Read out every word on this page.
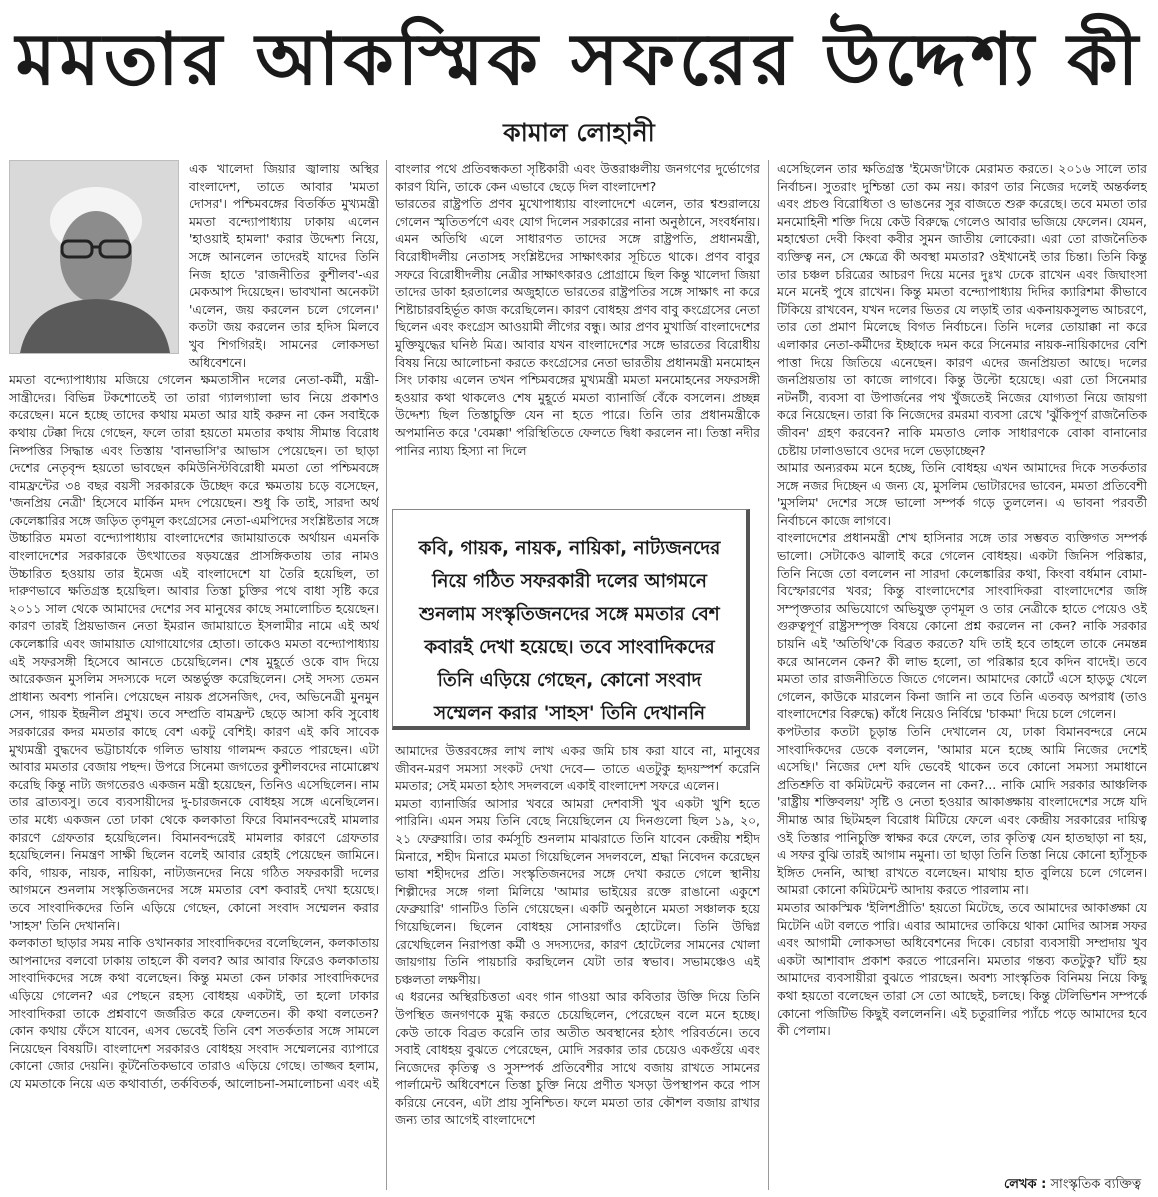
মমতার আকস্মিক সফরের উদ্দেশ্য কী
কামাল লোহানী

এক খালেদা জিয়ার জ্বালায় অস্থির বাংলাদেশ, তাতে আবার 'মমতা দোসর'। পশ্চিমবঙ্গের বিতর্কিত মুখ্যমন্ত্রী মমতা বন্দ্যোপাধ্যায় ঢাকায় এলেন 'হাওয়াই হামলা' করার উদ্দেশ্য নিয়ে, সঙ্গে আনলেন তাদেরই যাদের তিনি নিজ হাতে 'রাজনীতির কুশীলব'-এর মেকআপ দিয়েছেন। ভাবখানা অনেকটা 'এলেন, জয় করলেন চলে গেলেন।' কতটা জয় করলেন তার হদিস মিলবে খুব শিগগিরই। সামনের লোকসভা অধিবেশনে।

মমতা বন্দ্যোপাধ্যায় মজিয়ে গেলেন ক্ষমতাসীন দলের নেতা-কর্মী, মন্ত্রী-সান্ত্রীদের। বিভিন্ন টকশোতেই তা তারা গ্যালগ্যালা ভাব নিয়ে প্রকাশও করেছেন। মনে হচ্ছে তাদের কথায় মমতা আর যাই করুন না কেন সবাইকে কথায় টেক্কা দিয়ে গেছেন, ফলে তারা হয়তো মমতার কথায় সীমান্ত বিরোধ নিষ্পত্তির সিদ্ধান্ত এবং তিস্তায় 'বানভাসি'র আভাস পেয়েছেন। তা ছাড়া দেশের নেতৃবৃন্দ হয়তো ভাবছেন কমিউনিস্টবিরোধী মমতা তো পশ্চিমবঙ্গে বামফ্রন্টের ৩৪ বছর বয়সী সরকারকে উচ্ছেদ করে ক্ষমতায় চড়ে বসেছেন, 'জনপ্রিয় নেত্রী' হিসেবে মার্কিন মদদ পেয়েছেন। শুধু কি তাই, সারদা অর্থ কেলেঙ্কারির সঙ্গে জড়িত তৃণমূল কংগ্রেসের নেতা-এমপিদের সংশ্লিষ্টতার সঙ্গে উচ্চারিত মমতা বন্দ্যোপাধ্যায় বাংলাদেশের জামায়াতকে অর্থায়ন এমনকি বাংলাদেশের সরকারকে উৎখাতের ষড়যন্ত্রের প্রাসঙ্গিকতায় তার নামও উচ্চারিত হওয়ায় তার ইমেজ এই বাংলাদেশে যা তৈরি হয়েছিল, তা দারুণভাবে ক্ষতিগ্রস্ত হয়েছিল। আবার তিস্তা চুক্তির পথে বাধা সৃষ্টি করে ২০১১ সাল থেকে আমাদের দেশের সব মানুষের কাছে সমালোচিত হয়েছেন। কারণ তারই প্রিয়ভাজন নেতা ইমরান জামায়াতে ইসলামীর নামে এই অর্থ কেলেঙ্কারি এবং জামায়াত যোগাযোগের হোতা। তাকেও মমতা বন্দ্যোপাধ্যায় এই সফরসঙ্গী হিসেবে আনতে চেয়েছিলেন। শেষ মুহূর্তে ওকে বাদ দিয়ে আরেকজন মুসলিম সদস্যকে দলে অন্তর্ভুক্ত করেছিলেন। সেই সদস্য তেমন প্রাধান্য অবশ্য পাননি। পেয়েছেন নায়ক প্রসেনজিৎ, দেব, অভিনেত্রী মুনমুন সেন, গায়ক ইন্দ্রনীল প্রমুখ। তবে সম্প্রতি বামফ্রন্ট ছেড়ে আসা কবি সুবোধ সরকারের কদর মমতার কাছে বেশ একটু বেশিই। কারণ এই কবি সাবেক মুখ্যমন্ত্রী বুদ্ধদেব ভট্টাচার্যকে গলিত ভাষায় গালমন্দ করতে পারছেন। এটা আবার মমতার বেজায় পছন্দ। উপরে সিনেমা জগতের কুশীলবদের নামোল্লেখ করেছি কিন্তু নাট্য জগতেরও একজন মন্ত্রী হয়েছেন, তিনিও এসেছিলেন। নাম তার ব্রাত্যবসু। তবে ব্যবসায়ীদের দু-চারজনকে বোধহয় সঙ্গে এনেছিলেন। তার মধ্যে একজন তো ঢাকা থেকে কলকাতা ফিরে বিমানবন্দরেই মামলার কারণে গ্রেফতার হয়েছিলেন। বিমানবন্দরেই মামলার কারণে গ্রেফতার হয়েছিলেন। নিমন্ত্রণ সাক্ষী ছিলেন বলেই আবার রেহাই পেয়েছেন জামিনে। কবি, গায়ক, নায়ক, নায়িকা, নাট্যজনদের নিয়ে গঠিত সফরকারী দলের আগমনে শুনলাম সংস্কৃতিজনদের সঙ্গে মমতার বেশ কবারই দেখা হয়েছে। তবে সাংবাদিকদের তিনি এড়িয়ে গেছেন, কোনো সংবাদ সম্মেলন করার 'সাহস' তিনি দেখাননি।

কলকাতা ছাড়ার সময় নাকি ওখানকার সাংবাদিকদের বলেছিলেন, কলকাতায় আপনাদের বলবো ঢাকায় তাহলে কী বলব? আর আবার ফিরেও কলকাতায় সাংবাদিকদের সঙ্গে কথা বলেছেন। কিন্তু মমতা কেন ঢাকার সাংবাদিকদের এড়িয়ে গেলেন? এর পেছনে রহস্য বোধহয় একটাই, তা হলো ঢাকার সাংবাদিকরা তাকে প্রশ্নবাণে জর্জরিত করে ফেলতেন। কী কথা বলতেন? কোন কথায় ফেঁসে যাবেন, এসব ভেবেই তিনি বেশ সতর্কতার সঙ্গে সামলে নিয়েছেন বিষয়টি। বাংলাদেশ সরকারও বোধহয় সংবাদ সম্মেলনের ব্যাপারে কোনো জোর দেয়নি। কূটনৈতিকভাবে তারাও এড়িয়ে গেছে। তাজ্জব হলাম, যে মমতাকে নিয়ে এত কথাবার্তা, তর্কবিতর্ক, আলোচনা-সমালোচনা এবং এই

বাংলার পথে প্রতিবন্ধকতা সৃষ্টিকারী এবং উত্তরাঞ্চলীয় জনগণের দুর্ভোগের কারণ যিনি, তাকে কেন এভাবে ছেড়ে দিল বাংলাদেশ?

ভারতের রাষ্ট্রপতি প্রণব মুখোপাধ্যায় বাংলাদেশে এলেন, তার শ্বশুরালয়ে গেলেন স্মৃতিতর্পণে এবং যোগ দিলেন সরকারের নানা অনুষ্ঠানে, সংবর্ধনায়। এমন অতিথি এলে সাধারণত তাদের সঙ্গে রাষ্ট্রপতি, প্রধানমন্ত্রী, বিরোধীদলীয় নেতাসহ সংশ্লিষ্টদের সাক্ষাৎকার সূচিতে থাকে। প্রণব বাবুর সফরে বিরোধীদলীয় নেত্রীর সাক্ষাৎকারও প্রোগ্রামে ছিল কিন্তু খালেদা জিয়া তাদের ডাকা হরতালের অজুহাতে ভারতের রাষ্ট্রপতির সঙ্গে সাক্ষাৎ না করে শিষ্টাচারবহির্ভূত কাজ করেছিলেন। কারণ বোধহয় প্রণব বাবু কংগ্রেসের নেতা ছিলেন এবং কংগ্রেস আওয়ামী লীগের বন্ধু। আর প্রণব মুখার্জি বাংলাদেশের মুক্তিযুদ্ধের ঘনিষ্ঠ মিত্র। আবার যখন বাংলাদেশের সঙ্গে ভারতের বিরোধীয় বিষয় নিয়ে আলোচনা করতে কংগ্রেসের নেতা ভারতীয় প্রধানমন্ত্রী মনমোহন সিং ঢাকায় এলেন তখন পশ্চিমবঙ্গের মুখ্যমন্ত্রী মমতা মনমোহনের সফরসঙ্গী হওয়ার কথা থাকলেও শেষ মুহূর্তে মমতা ব্যানার্জি বেঁকে বসলেন। প্রচ্ছন্ন উদ্দেশ্য ছিল তিস্তাচুক্তি যেন না হতে পারে। তিনি তার প্রধানমন্ত্রীকে অপমানিত করে 'বেমক্কা' পরিস্থিতিতে ফেলতে দ্বিধা করলেন না। তিস্তা নদীর পানির ন্যায্য হিস্যা না দিলে

আমাদের উত্তরবঙ্গের লাখ লাখ একর জমি চাষ করা যাবে না, মানুষের জীবন-মরণ সমস্যা সংকট দেখা দেবে— তাতে এতটুকু হৃদয়স্পর্শ করেনি মমতার; সেই মমতা হঠাৎ সদলবলে একাই বাংলাদেশ সফরে এলেন।

মমতা ব্যানার্জির আসার খবরে আমরা দেশবাসী খুব একটা খুশি হতে পারিনি। এমন সময় তিনি বেছে নিয়েছিলেন যে দিনগুলো ছিল ১৯, ২০, ২১ ফেব্রুয়ারি। তার কর্মসূচি শুনলাম মাঝরাতে তিনি যাবেন কেন্দ্রীয় শহীদ মিনারে, শহীদ মিনারে মমতা গিয়েছিলেন সদলবলে, শ্রদ্ধা নিবেদন করেছেন ভাষা শহীদদের প্রতি। সংস্কৃতিজনদের সঙ্গে দেখা করতে গেলে স্থানীয় শিল্পীদের সঙ্গে গলা মিলিয়ে 'আমার ভাইয়ের রক্তে রাঙানো একুশে ফেব্রুয়ারি' গানটিও তিনি গেয়েছেন। একটি অনুষ্ঠানে মমতা সঞ্চালক হয়ে গিয়েছিলেন। ছিলেন বোধহয় সোনারগাঁও হোটেলে। তিনি উদ্বিগ্ন রেখেছিলেন নিরাপত্তা কর্মী ও সদস্যদের, কারণ হোটেলের সামনের খোলা জায়গায় তিনি পায়চারি করছিলেন যেটা তার স্বভাব। সভামঞ্চেও এই চঞ্চলতা লক্ষণীয়।

এ ধরনের অস্থিরচিত্ততা এবং গান গাওয়া আর কবিতার উক্তি দিয়ে তিনি উপস্থিত জনগণকে মুগ্ধ করতে চেয়েছিলেন, পেরেছেন বলে মনে হচ্ছে। কেউ তাকে বিব্রত করেনি তার অতীত অবস্থানের হঠাৎ পরিবর্তনে। তবে সবাই বোধহয় বুঝতে পেরেছেন, মোদি সরকার তার চেয়েও একগুঁয়ে এবং নিজেদের কৃতিত্ব ও সুসম্পর্ক প্রতিবেশীর সাথে বজায় রাখতে সামনের পার্লামেন্ট অধিবেশনে তিস্তা চুক্তি নিয়ে প্রণীত খসড়া উপস্থাপন করে পাস করিয়ে নেবেন, এটা প্রায় সুনিশ্চিত। ফলে মমতা তার কৌশল বজায় রাখার জন্য তার আগেই বাংলাদেশে

কবি, গায়ক, নায়ক, নায়িকা, নাট্যজনদের নিয়ে গঠিত সফরকারী দলের আগমনে শুনলাম সংস্কৃতিজনদের সঙ্গে মমতার বেশ কবারই দেখা হয়েছে। তবে সাংবাদিকদের তিনি এড়িয়ে গেছেন, কোনো সংবাদ সম্মেলন করার 'সাহস' তিনি দেখাননি

এসেছিলেন তার ক্ষতিগ্রস্ত 'ইমেজ'টাকে মেরামত করতে। ২০১৬ সালে তার নির্বাচন। সুতরাং দুশ্চিন্তা তো কম নয়। কারণ তার নিজের দলেই অন্তর্কলহ এবং প্রচণ্ড বিরোধিতা ও ভাঙনের সুর বাজতে শুরু করেছে। তবে মমতা তার মনমোহিনী শক্তি দিয়ে কেউ বিরুদ্ধে গেলেও আবার ভজিয়ে ফেলেন। যেমন, মহাশ্বেতা দেবী কিংবা কবীর সুমন জাতীয় লোকেরা। এরা তো রাজনৈতিক ব্যক্তিত্ব নন, সে ক্ষেত্রে কী অবস্থা মমতার? ওইখানেই তার চিন্তা। তিনি কিন্তু তার চঞ্চল চরিত্রের আচরণ দিয়ে মনের দুঃখ ঢেকে রাখেন এবং জিঘাংসা মনে মনেই পুষে রাখেন। কিন্তু মমতা বন্দ্যোপাধ্যায় দিদির ক্যারিশমা কীভাবে টিকিয়ে রাখবেন, যখন দলের ভিতর যে লড়াই তার একনায়কসুলভ আচরণে, তার তো প্রমাণ মিলেছে বিগত নির্বাচনে। তিনি দলের তোয়াক্কা না করে এলাকার নেতা-কর্মীদের ইচ্ছাকে দমন করে সিনেমার নায়ক-নায়িকাদের বেশি পাত্তা দিয়ে জিতিয়ে এনেছেন। কারণ এদের জনপ্রিয়তা আছে। দলের জনপ্রিয়তায় তা কাজে লাগবে। কিন্তু উল্টো হয়েছে। এরা তো সিনেমার নটনটী, ব্যবসা বা উপার্জনের পথ খুঁজতেই নিজের যোগ্যতা নিয়ে জায়গা করে নিয়েছেন। তারা কি নিজেদের রমরমা ব্যবসা রেখে 'ঝুঁকিপূর্ণ রাজনৈতিক জীবন' গ্রহণ করবেন? নাকি মমতাও লোক সাধারণকে বোকা বানানোর চেষ্টায় ঢালাওভাবে ওদের দলে ভেড়াচ্ছেন?

আমার অন্যরকম মনে হচ্ছে, তিনি বোধহয় এখন আমাদের দিকে সতর্কতার সঙ্গে নজর দিচ্ছেন এ জন্য যে, মুসলিম ভোটারদের ভাবেন, মমতা প্রতিবেশী 'মুসলিম' দেশের সঙ্গে ভালো সম্পর্ক গড়ে তুললেন। এ ভাবনা পরবর্তী নির্বাচনে কাজে লাগবে।

বাংলাদেশের প্রধানমন্ত্রী শেখ হাসিনার সঙ্গে তার সম্ভবত ব্যক্তিগত সম্পর্ক ভালো। সেটাকেও ঝালাই করে গেলেন বোধহয়। একটা জিনিস পরিষ্কার, তিনি নিজে তো বললেন না সারদা কেলেঙ্কারির কথা, কিংবা বর্ধমান বোমা-বিস্ফোরণের খবর; কিন্তু বাংলাদেশের সাংবাদিকরা বাংলাদেশের জঙ্গি সম্পৃক্ততার অভিযোগে অভিযুক্ত তৃণমূল ও তার নেত্রীকে হাতে পেয়েও ওই গুরুত্বপূর্ণ রাষ্ট্রসম্পৃক্ত বিষয়ে কোনো প্রশ্ন করলেন না কেন? নাকি সরকার চায়নি এই 'অতিথি'কে বিব্রত করতে? যদি তাই হবে তাহলে তাকে নেমন্তন্ন করে আনলেন কেন? কী লাভ হলো, তা পরিষ্কার হবে কদিন বাদেই। তবে মমতা তার রাজনীতিতে জিতে গেলেন। আমাদের কোর্টে এসে হাড়ডু খেলে গেলেন, কাউকে মারলেন কিনা জানি না তবে তিনি এতবড় অপরাধ (তাও বাংলাদেশের বিরুদ্ধে) কাঁধে নিয়েও নির্বিঘ্নে 'চাকমা' দিয়ে চলে গেলেন।

কপটতার কতটা চূড়ান্ত তিনি দেখালেন যে, ঢাকা বিমানবন্দরে নেমে সাংবাদিকদের ডেকে বললেন, 'আমার মনে হচ্ছে আমি নিজের দেশেই এসেছি।' নিজের দেশ যদি ভেবেই থাকেন তবে কোনো সমস্যা সমাধানে প্রতিশ্রুতি বা কমিটমেন্ট করলেন না কেন?... নাকি মোদি সরকার আঞ্চলিক 'রাষ্ট্রীয় শক্তিবলয়' সৃষ্টি ও নেতা হওয়ার আকাঙ্ক্ষায় বাংলাদেশের সঙ্গে যদি সীমান্ত আর ছিটমহল বিরোধ মিটিয়ে ফেলে এবং কেন্দ্রীয় সরকারের দায়িত্ব ওই তিস্তার পানিচুক্তি স্বাক্ষর করে ফেলে, তার কৃতিত্ব যেন হাতছাড়া না হয়, এ সফর বুঝি তারই আগাম নমুনা। তা ছাড়া তিনি তিস্তা নিয়ে কোনো হ্যাঁসূচক ইঙ্গিত দেননি, আস্থা রাখতে বলেছেন। মাথায় হাত বুলিয়ে চলে গেলেন। আমরা কোনো কমিটমেন্ট আদায় করতে পারলাম না।

মমতার আকস্মিক 'ইলিশপ্রীতি' হয়তো মিটেছে, তবে আমাদের আকাঙ্ক্ষা যে মিটেনি এটা বলতে পারি। এবার আমাদের তাকিয়ে থাকা মোদির আসন্ন সফর এবং আগামী লোকসভা অধিবেশনের দিকে। বেচারা ব্যবসায়ী সম্প্রদায় খুব একটা আশাবাদ প্রকাশ করতে পারেননি। মমতার গন্তব্য কতটুকু? ঘাঁট হয় আমাদের ব্যবসায়ীরা বুঝতে পারছেন। অবশ্য সাংস্কৃতিক বিনিময় নিয়ে কিছু কথা হয়তো বলেছেন তারা সে তো আছেই, চলছে। কিন্তু টেলিভিশন সম্পর্কে কোনো পজিটিভ কিছুই বললেননি। এই চতুরালির প্যাঁচে পড়ে আমাদের হবে কী পেলাম।

লেখক : সাংস্কৃতিক ব্যক্তিত্ব
